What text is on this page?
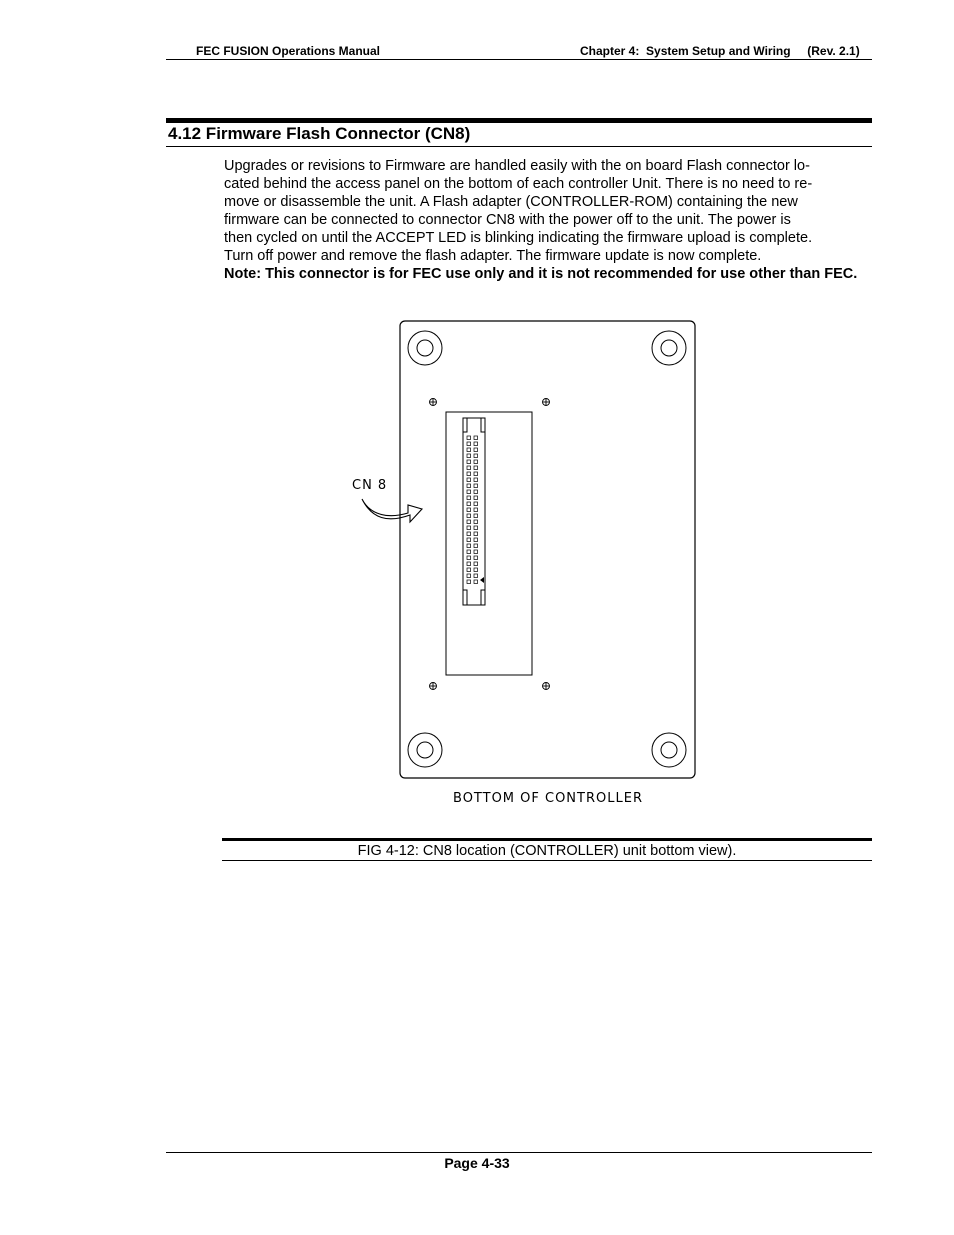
FEC FUSION Operations Manual	Chapter 4:  System Setup and Wiring     (Rev. 2.1)
4.12 Firmware Flash Connector (CN8)
Upgrades or revisions to Firmware are handled easily with the on board Flash connector lo-
cated behind the access panel on the bottom of each controller Unit. There is no need to re-
move or disassemble the unit. A Flash adapter (CONTROLLER-ROM) containing the new
firmware can be connected to connector CN8 with the power off to the unit. The power is
then cycled on until the ACCEPT LED is blinking indicating the firmware upload is complete.
Turn off power and remove the flash adapter. The firmware update is now complete.
Note: This connector is for FEC use only and it is not recommended for use other than FEC.
CN 8
BOTTOM OF CONTROLLER
FIG 4-12: CN8 location (CONTROLLER) unit bottom view).
Page 4-33
